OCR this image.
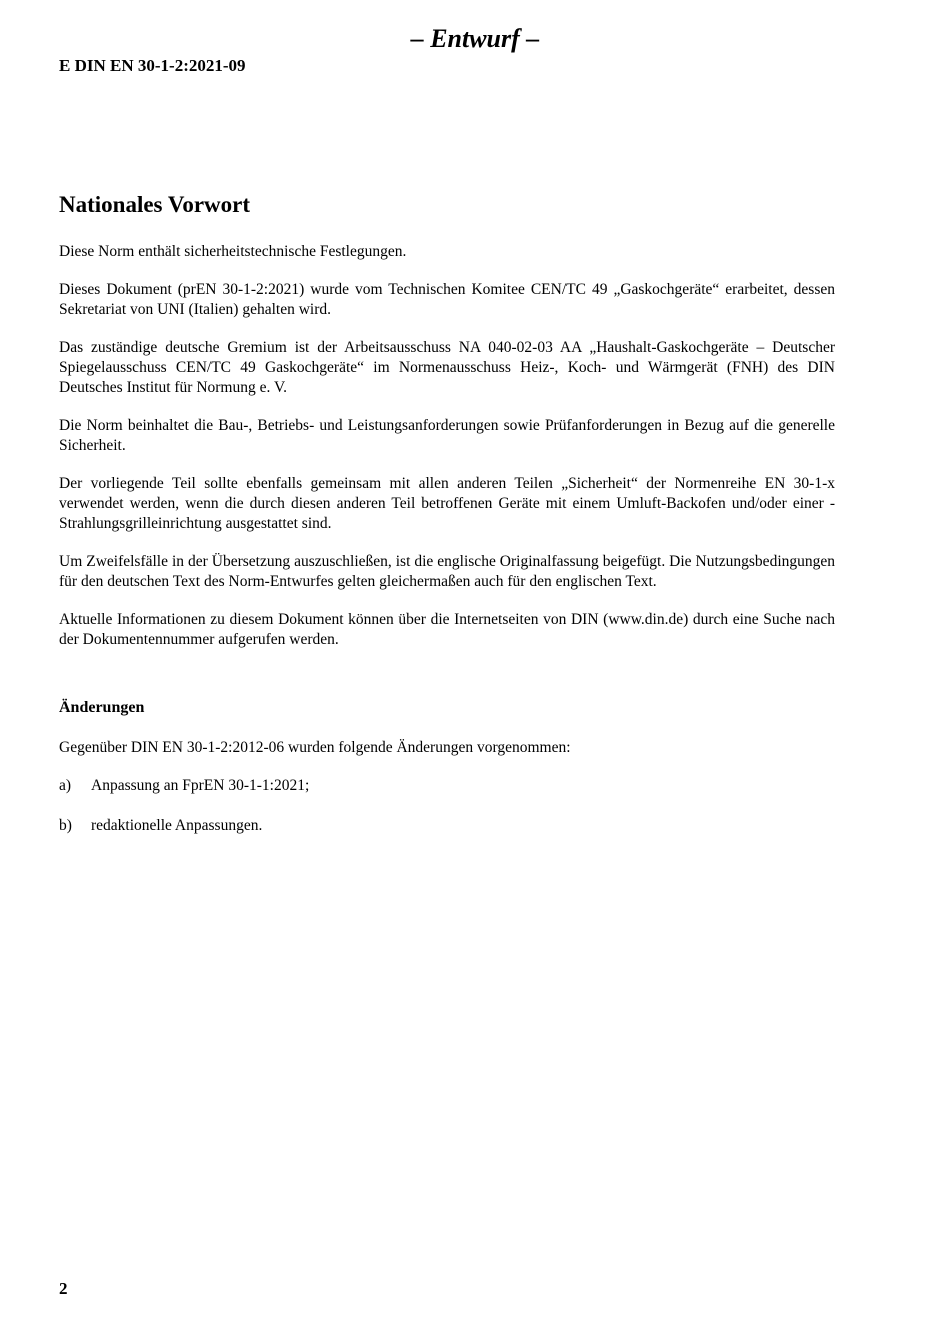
– Entwurf –
E DIN EN 30-1-2:2021-09
Nationales Vorwort

Diese Norm enthält sicherheitstechnische Festlegungen.

Dieses Dokument (prEN 30-1-2:2021) wurde vom Technischen Komitee CEN/TC 49 „Gaskochgeräte“ erarbeitet, dessen Sekretariat von UNI (Italien) gehalten wird.

Das zuständige deutsche Gremium ist der Arbeitsausschuss NA 040-02-03 AA „Haushalt-Gaskochgeräte – Deutscher Spiegelausschuss CEN/TC 49 Gaskochgeräte“ im Normenausschuss Heiz-, Koch- und Wärmgerät (FNH) des DIN Deutsches Institut für Normung e. V.

Die Norm beinhaltet die Bau-, Betriebs- und Leistungsanforderungen sowie Prüfanforderungen in Bezug auf die generelle Sicherheit.

Der vorliegende Teil sollte ebenfalls gemeinsam mit allen anderen Teilen „Sicherheit“ der Normenreihe EN 30-1-x verwendet werden, wenn die durch diesen anderen Teil betroffenen Geräte mit einem Umluft-Backofen und/oder einer -Strahlungsgrilleinrichtung ausgestattet sind.

Um Zweifelsfälle in der Übersetzung auszuschließen, ist die englische Originalfassung beigefügt. Die Nutzungsbedingungen für den deutschen Text des Norm-Entwurfes gelten gleichermaßen auch für den englischen Text.

Aktuelle Informationen zu diesem Dokument können über die Internetseiten von DIN (www.din.de) durch eine Suche nach der Dokumentennummer aufgerufen werden.

Änderungen

Gegenüber DIN EN 30-1-2:2012-06 wurden folgende Änderungen vorgenommen:

a)	Anpassung an FprEN 30-1-1:2021;
b)	redaktionelle Anpassungen.
2
